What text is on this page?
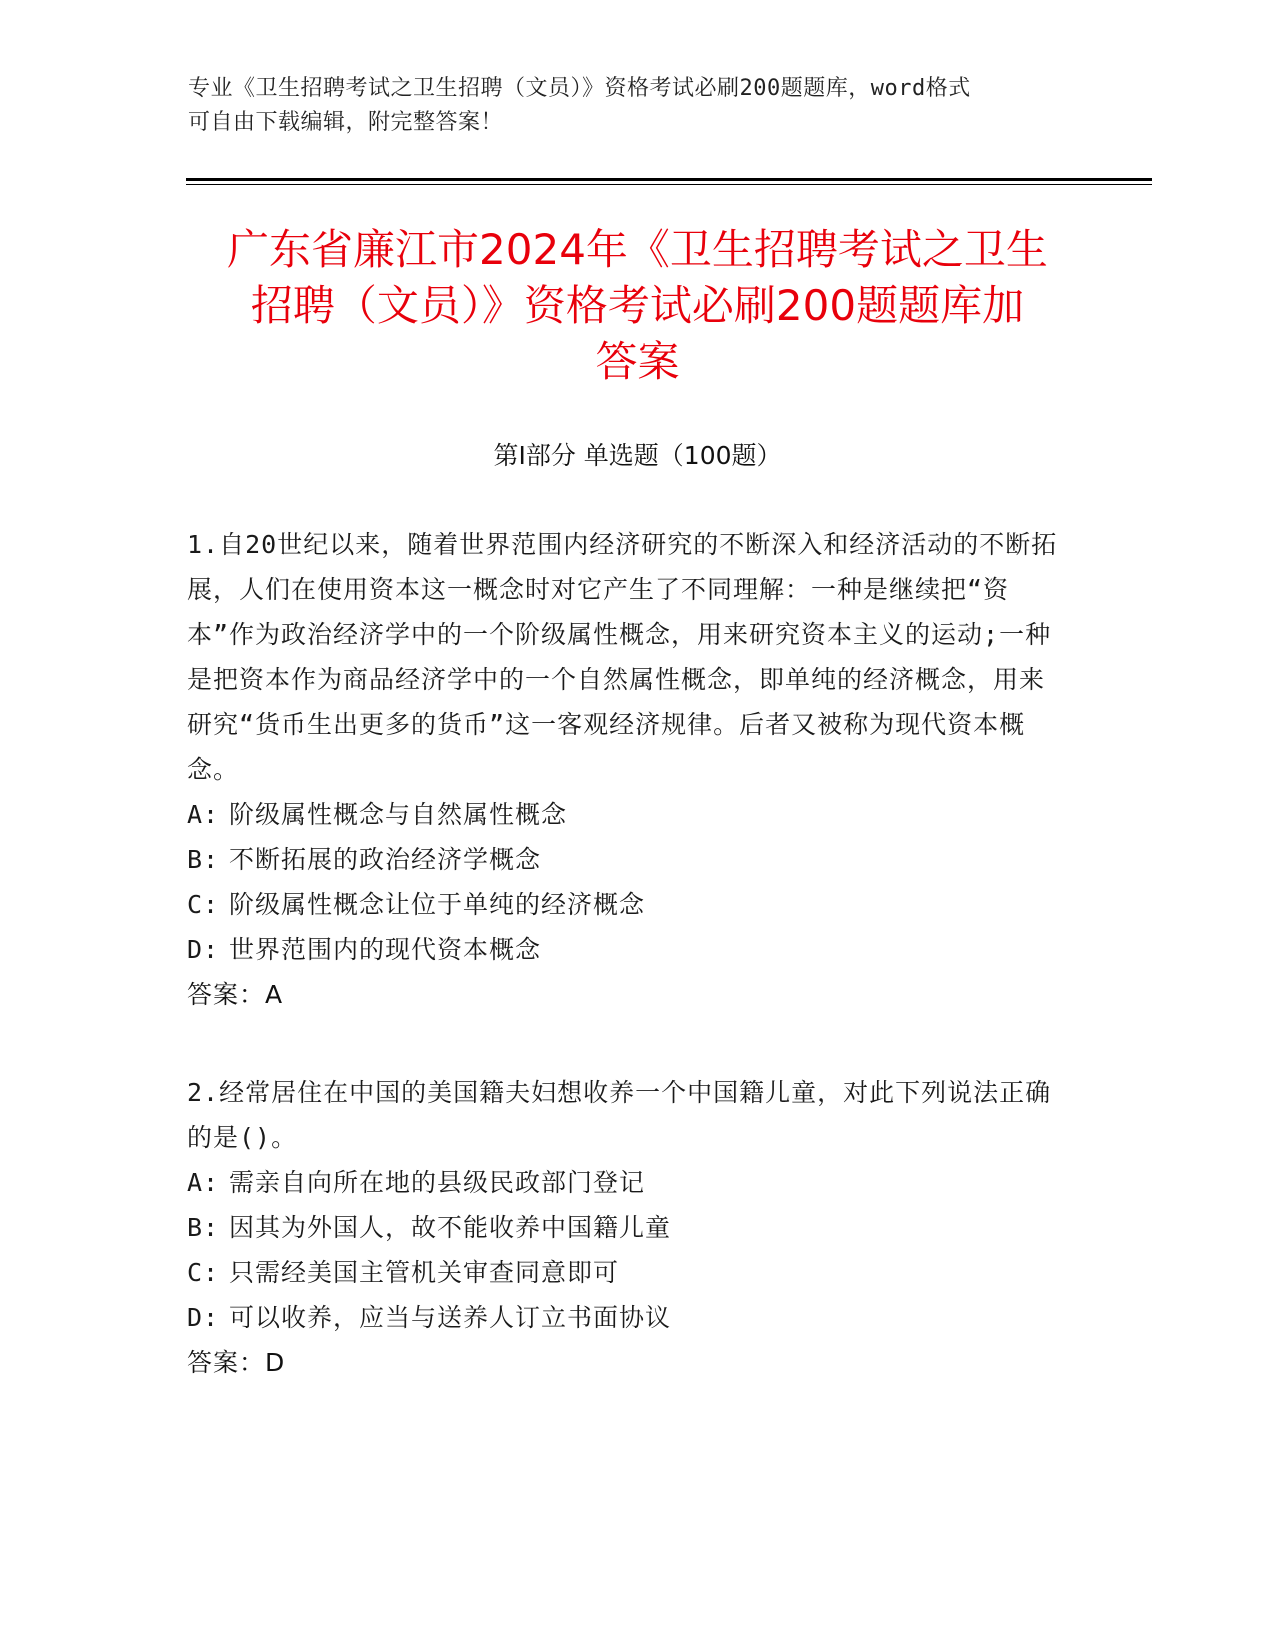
专业《卫生招聘考试之卫生招聘（文员）》资格考试必刷200题题库，word格式
可自由下载编辑，附完整答案！
广东省廉江市2024年《卫生招聘考试之卫生
招聘（文员）》资格考试必刷200题题库加
答案
第Ⅰ部分 单选题（100题）
1.自20世纪以来，随着世界范围内经济研究的不断深入和经济活动的不断拓展，人们在使用资本这一概念时对它产生了不同理解：一种是继续把“资本”作为政治经济学中的一个阶级属性概念，用来研究资本主义的运动;一种是把资本作为商品经济学中的一个自然属性概念，即单纯的经济概念，用来研究“货币生出更多的货币”这一客观经济规律。后者又被称为现代资本概念。
A: 阶级属性概念与自然属性概念
B: 不断拓展的政治经济学概念
C: 阶级属性概念让位于单纯的经济概念
D: 世界范围内的现代资本概念
答案：A
2.经常居住在中国的美国籍夫妇想收养一个中国籍儿童，对此下列说法正确的是()。
A: 需亲自向所在地的县级民政部门登记
B: 因其为外国人，故不能收养中国籍儿童
C: 只需经美国主管机关审查同意即可
D: 可以收养，应当与送养人订立书面协议
答案：D
